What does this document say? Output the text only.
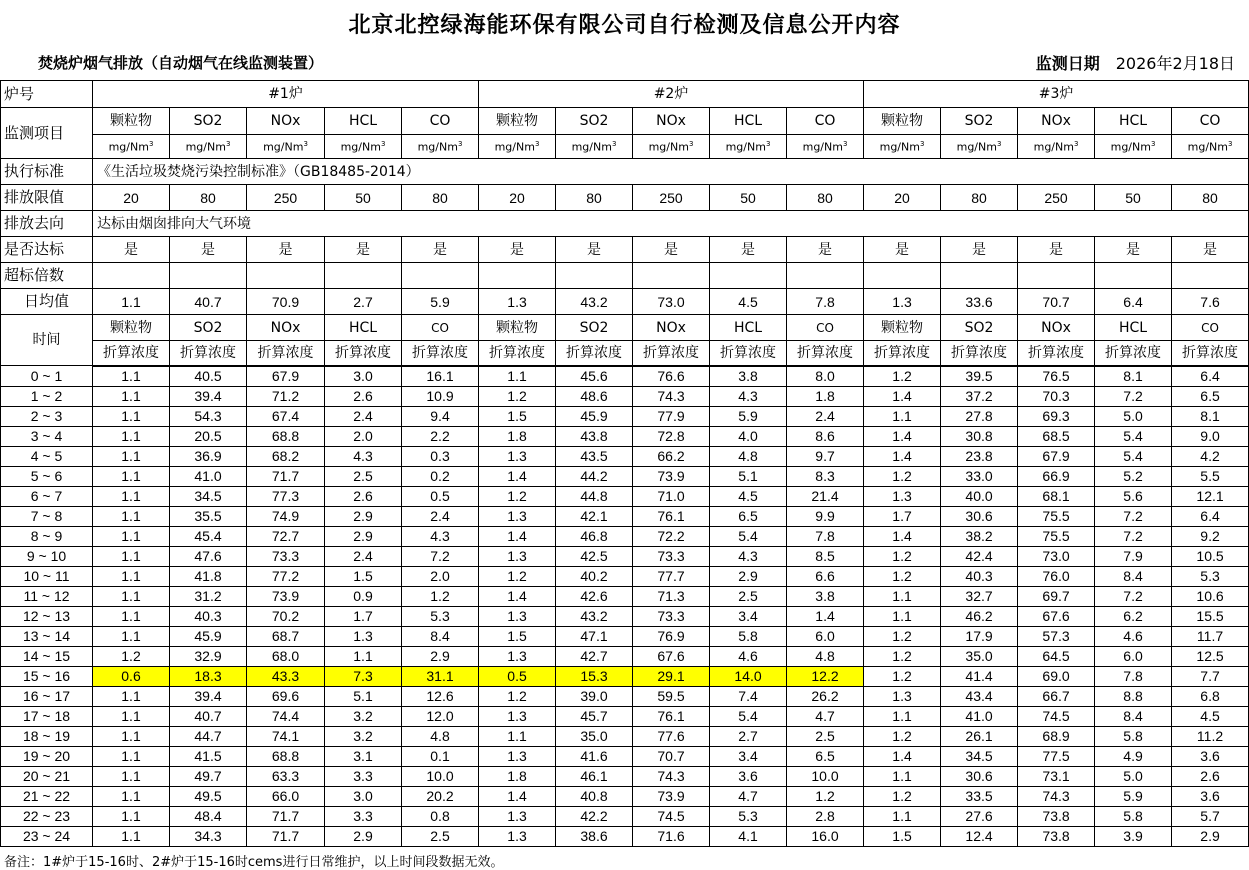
北京北控绿海能环保有限公司自行检测及信息公开内容
焚烧炉烟气排放（自动烟气在线监测装置）	监测日期 2026年2月18日
炉号	#1炉					#2炉					#3炉				
监测项目	颗粒物	SO2	NOx	HCL	CO	颗粒物	SO2	NOx	HCL	CO	颗粒物	SO2	NOx	HCL	CO
	mg/Nm$^3$	mg/Nm$^3$	mg/Nm$^3$	mg/Nm$^3$	mg/Nm$^3$	mg/Nm$^3$	mg/Nm$^3$	mg/Nm$^3$	mg/Nm$^3$	mg/Nm$^3$	mg/Nm$^3$	mg/Nm$^3$	mg/Nm$^3$	mg/Nm$^3$	mg/Nm$^3$
执行标准	《生活垃圾焚烧污染控制标准》（GB18485-2014）														
排放限值	20	80	250	50	80	20	80	250	50	80	20	80	250	50	80
排放去向	达标由烟囱排向大气环境														
是否达标	是	是	是	是	是	是	是	是	是	是	是	是	是	是	是
超标倍数															
日均值	1.1	40.7	70.9	2.7	5.9	1.3	43.2	73.0	4.5	7.8	1.3	33.6	70.7	6.4	7.6
时间	颗粒物	SO2	NOx	HCL	CO	颗粒物	SO2	NOx	HCL	CO	颗粒物	SO2	NOx	HCL	CO
	折算浓度	折算浓度	折算浓度	折算浓度	折算浓度	折算浓度	折算浓度	折算浓度	折算浓度	折算浓度	折算浓度	折算浓度	折算浓度	折算浓度	折算浓度
0 ~ 1	1.1	40.5	67.9	3.0	16.1	1.1	45.6	76.6	3.8	8.0	1.2	39.5	76.5	8.1	6.4
1 ~ 2	1.1	39.4	71.2	2.6	10.9	1.2	48.6	74.3	4.3	1.8	1.4	37.2	70.3	7.2	6.5
2 ~ 3	1.1	54.3	67.4	2.4	9.4	1.5	45.9	77.9	5.9	2.4	1.1	27.8	69.3	5.0	8.1
3 ~ 4	1.1	20.5	68.8	2.0	2.2	1.8	43.8	72.8	4.0	8.6	1.4	30.8	68.5	5.4	9.0
4 ~ 5	1.1	36.9	68.2	4.3	0.3	1.3	43.5	66.2	4.8	9.7	1.4	23.8	67.9	5.4	4.2
5 ~ 6	1.1	41.0	71.7	2.5	0.2	1.4	44.2	73.9	5.1	8.3	1.2	33.0	66.9	5.2	5.5
6 ~ 7	1.1	34.5	77.3	2.6	0.5	1.2	44.8	71.0	4.5	21.4	1.3	40.0	68.1	5.6	12.1
7 ~ 8	1.1	35.5	74.9	2.9	2.4	1.3	42.1	76.1	6.5	9.9	1.7	30.6	75.5	7.2	6.4
8 ~ 9	1.1	45.4	72.7	2.9	4.3	1.4	46.8	72.2	5.4	7.8	1.4	38.2	75.5	7.2	9.2
9 ~ 10	1.1	47.6	73.3	2.4	7.2	1.3	42.5	73.3	4.3	8.5	1.2	42.4	73.0	7.9	10.5
10 ~ 11	1.1	41.8	77.2	1.5	2.0	1.2	40.2	77.7	2.9	6.6	1.2	40.3	76.0	8.4	5.3
11 ~ 12	1.1	31.2	73.9	0.9	1.2	1.4	42.6	71.3	2.5	3.8	1.1	32.7	69.7	7.2	10.6
12 ~ 13	1.1	40.3	70.2	1.7	5.3	1.3	43.2	73.3	3.4	1.4	1.1	46.2	67.6	6.2	15.5
13 ~ 14	1.1	45.9	68.7	1.3	8.4	1.5	47.1	76.9	5.8	6.0	1.2	17.9	57.3	4.6	11.7
14 ~ 15	1.2	32.9	68.0	1.1	2.9	1.3	42.7	67.6	4.6	4.8	1.2	35.0	64.5	6.0	12.5
15 ~ 16	0.6	18.3	43.3	7.3	31.1	0.5	15.3	29.1	14.0	12.2	1.2	41.4	69.0	7.8	7.7
16 ~ 17	1.1	39.4	69.6	5.1	12.6	1.2	39.0	59.5	7.4	26.2	1.3	43.4	66.7	8.8	6.8
17 ~ 18	1.1	40.7	74.4	3.2	12.0	1.3	45.7	76.1	5.4	4.7	1.1	41.0	74.5	8.4	4.5
18 ~ 19	1.1	44.7	74.1	3.2	4.8	1.1	35.0	77.6	2.7	2.5	1.2	26.1	68.9	5.8	11.2
19 ~ 20	1.1	41.5	68.8	3.1	0.1	1.3	41.6	70.7	3.4	6.5	1.4	34.5	77.5	4.9	3.6
20 ~ 21	1.1	49.7	63.3	3.3	10.0	1.8	46.1	74.3	3.6	10.0	1.1	30.6	73.1	5.0	2.6
21 ~ 22	1.1	49.5	66.0	3.0	20.2	1.4	40.8	73.9	4.7	1.2	1.2	33.5	74.3	5.9	3.6
22 ~ 23	1.1	48.4	71.7	3.3	0.8	1.3	42.2	74.5	5.3	2.8	1.1	27.6	73.8	5.8	5.7
23 ~ 24	1.1	34.3	71.7	2.9	2.5	1.3	38.6	71.6	4.1	16.0	1.5	12.4	73.8	3.9	2.9
备注：1#炉于15-16时、2#炉于15-16时cems进行日常维护，以上时间段数据无效。
